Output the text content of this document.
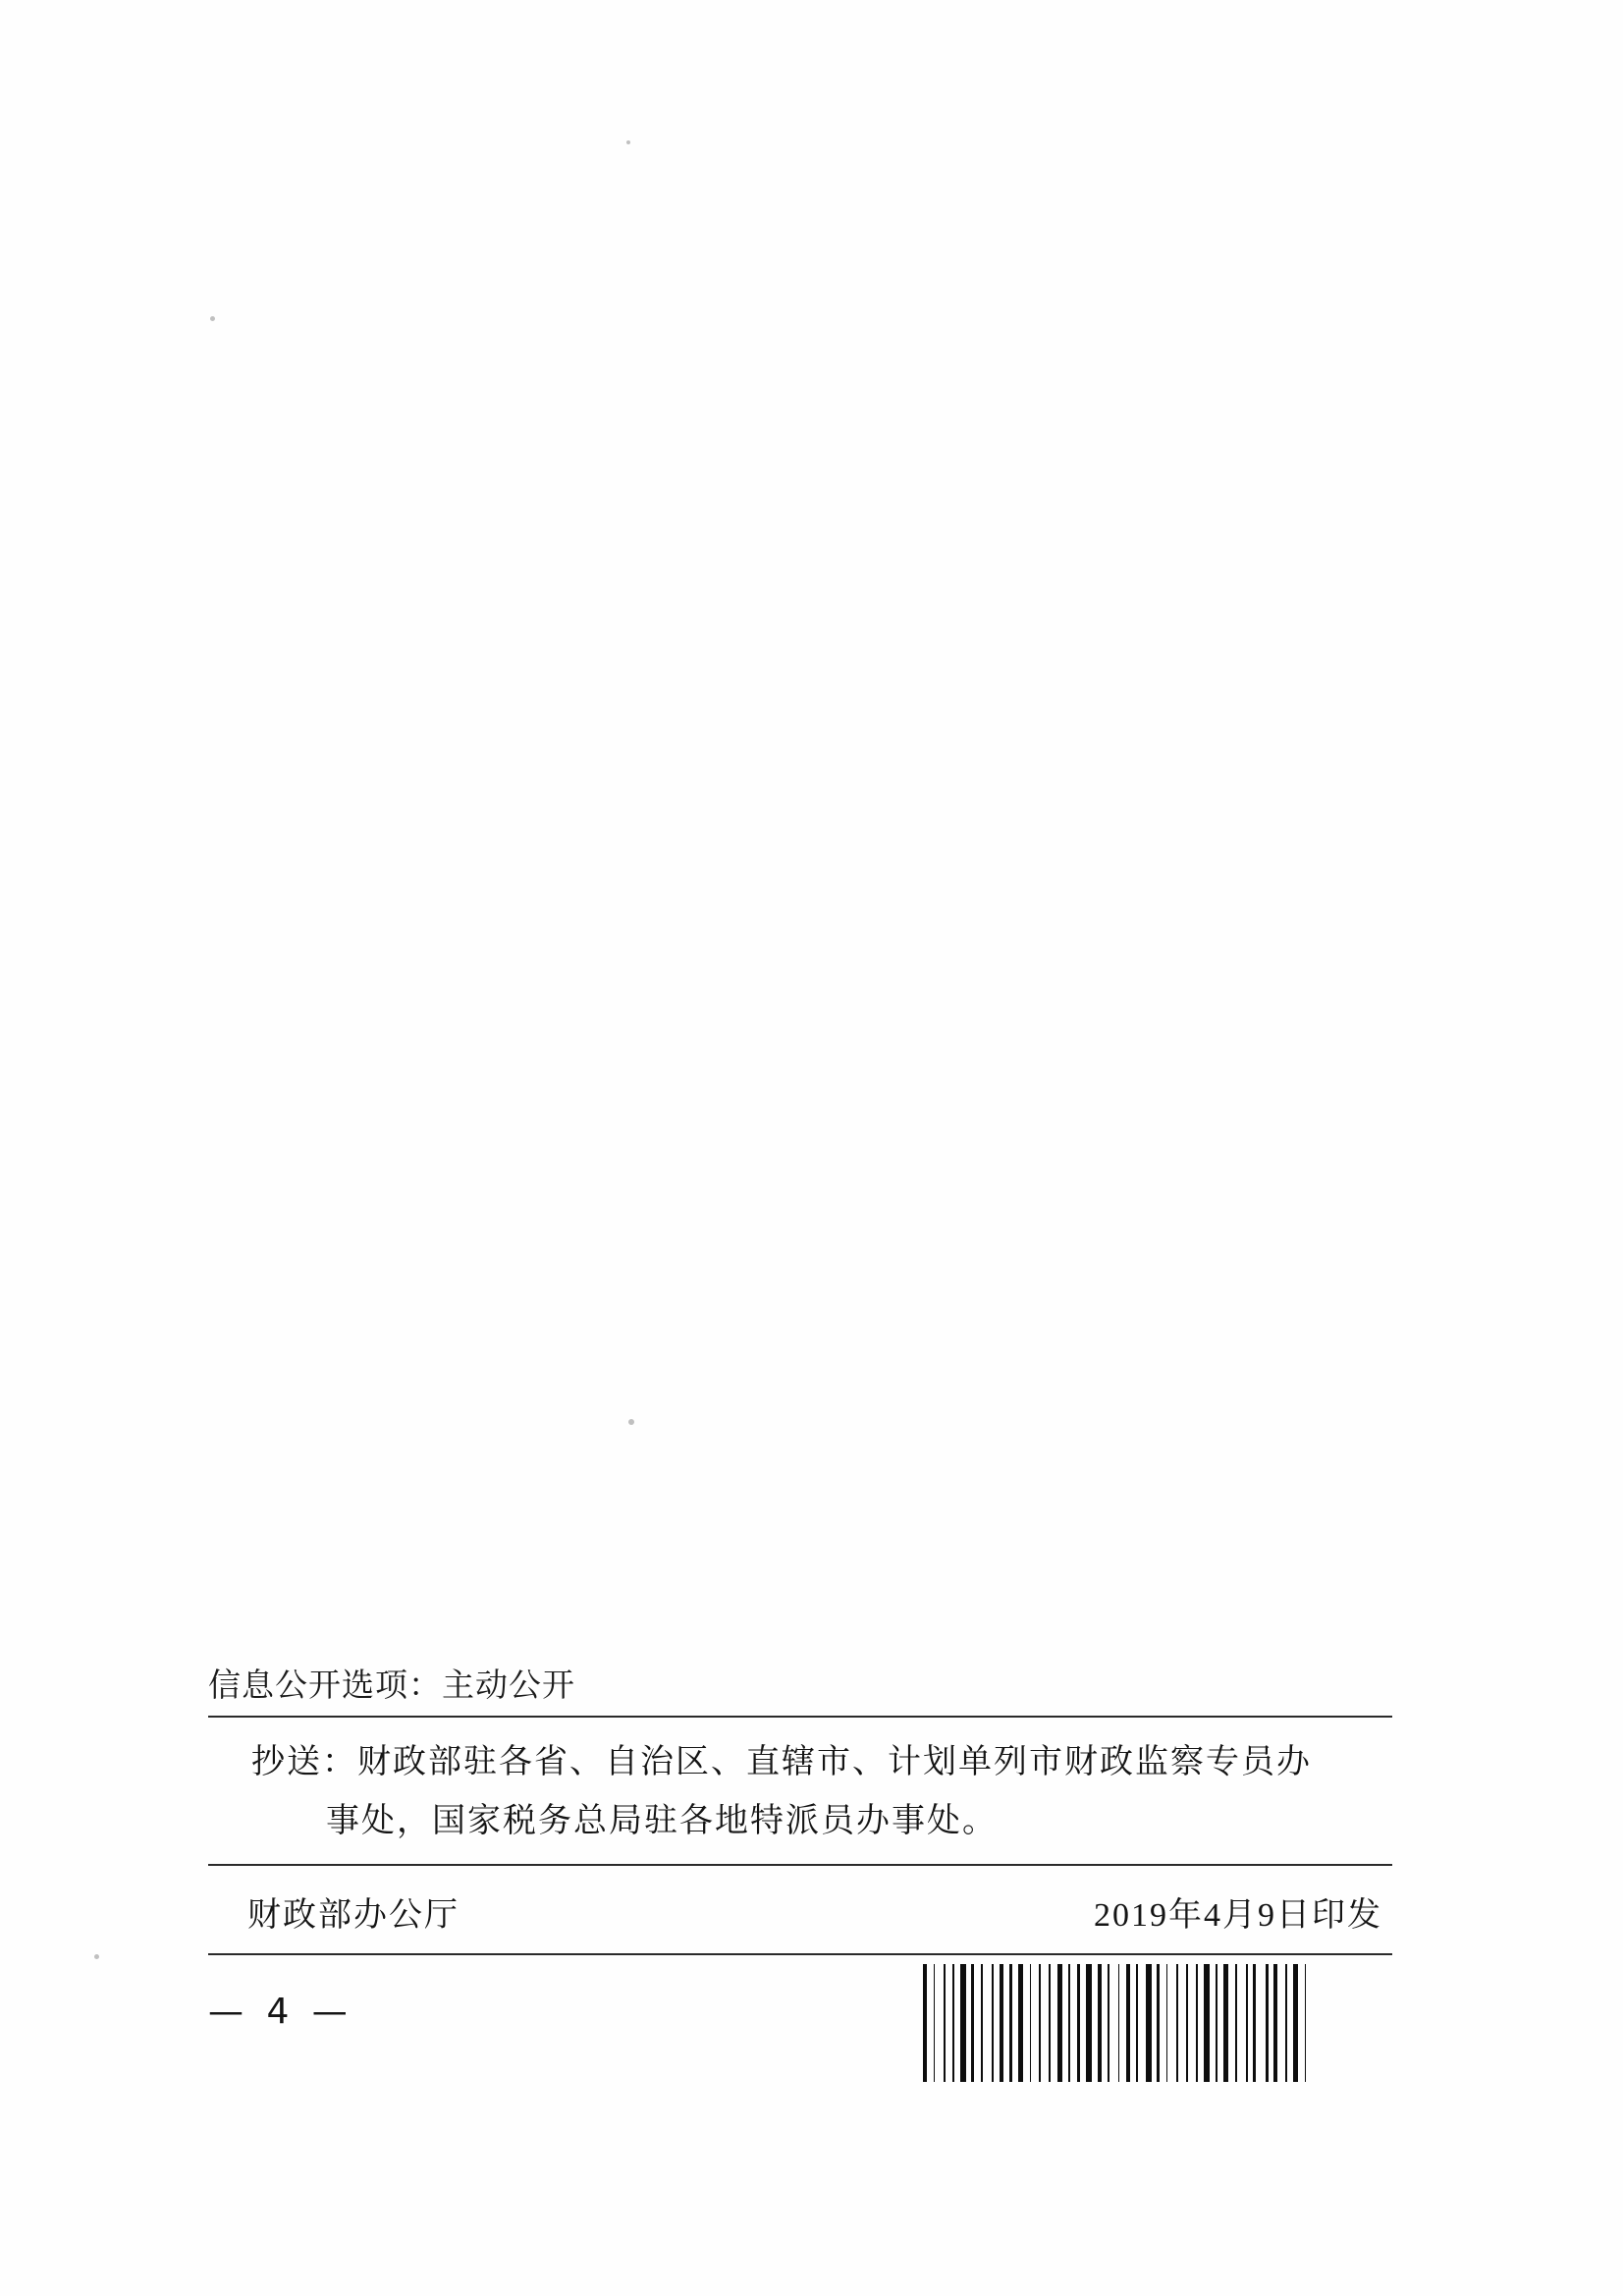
信息公开选项：主动公开
抄送：财政部驻各省、自治区、直辖市、计划单列市财政监察专员办
事处，国家税务总局驻各地特派员办事处。
财政部办公厅	2019年4月9日印发
— 4 —
